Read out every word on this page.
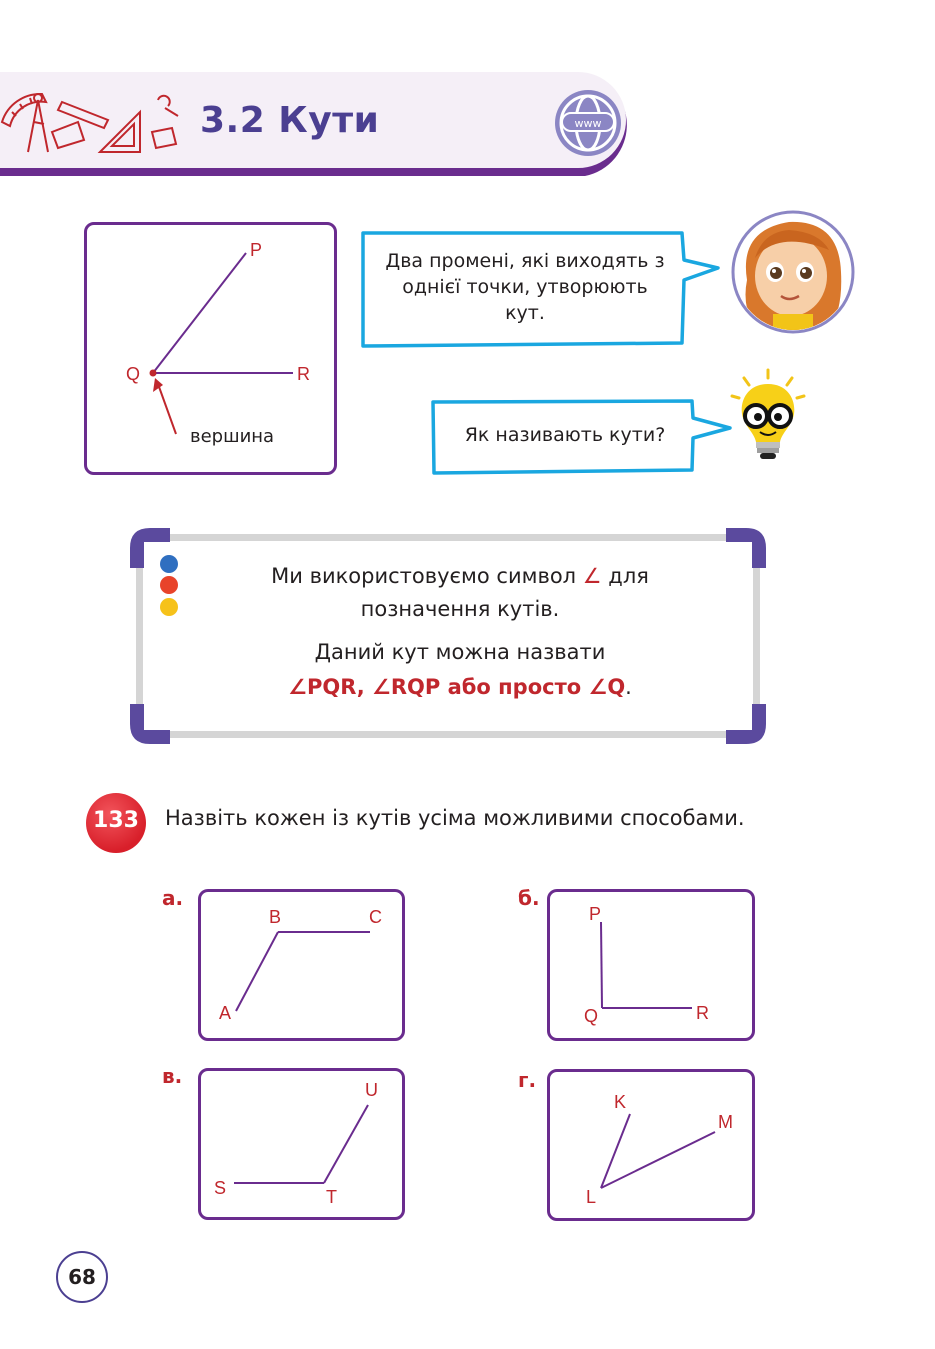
3.2 Кути	www
P
Q	R
вершина
Два промені, які виходять з однієї точки, утворюють кут.
Як називають кути?
Ми використовуємо символ ∠ для
позначення кутів.
Даний кут можна назвати
∠PQR, ∠RQP або просто ∠Q.
133	Назвіть кожен із кутів усіма можливими способами.
а.
B	C
A
б.
P
Q	R
в.
U
S	T
г.
K
M
L
68
